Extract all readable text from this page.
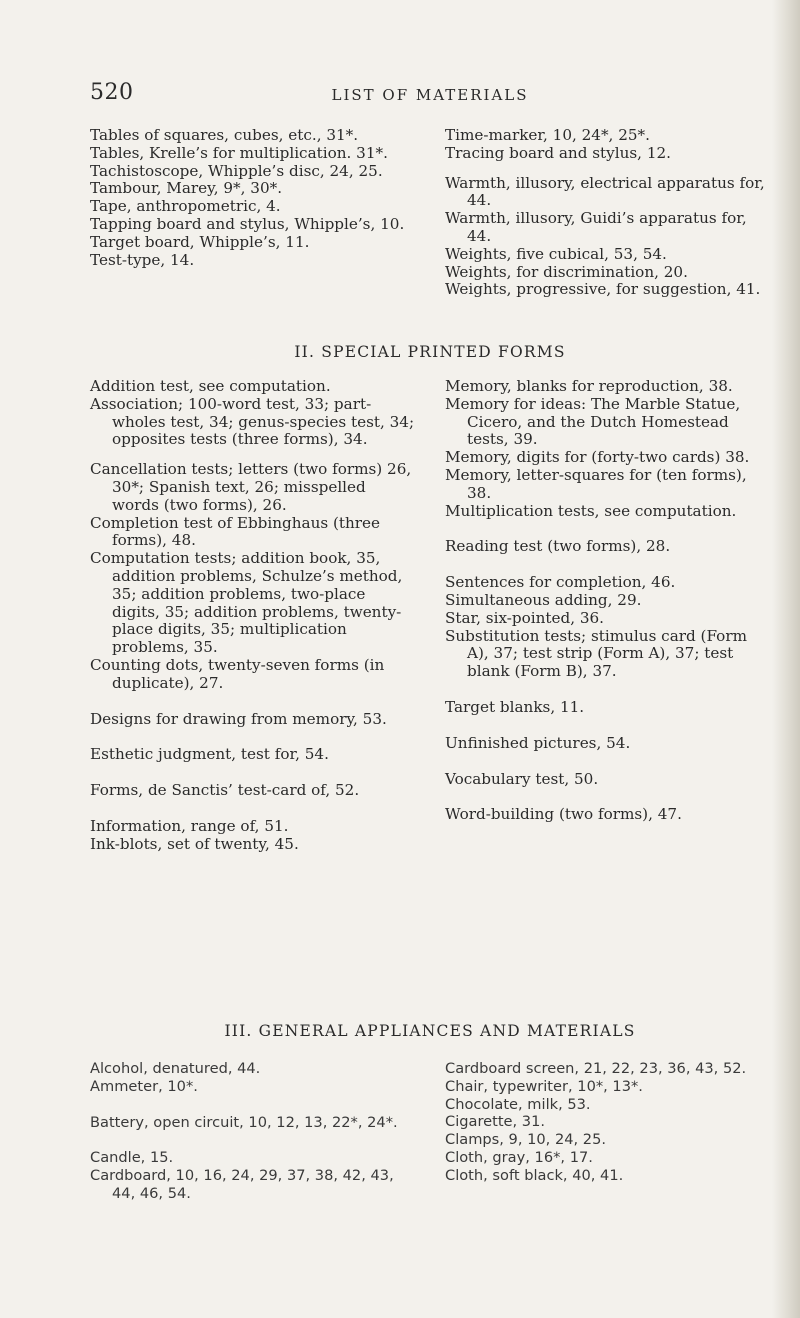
520	LIST OF MATERIALS
Tables of squares, cubes, etc., 31*.
Tables, Krelle’s for multiplication. 31*.
Tachistoscope, Whipple’s disc, 24, 25.
Tambour, Marey, 9*, 30*.
Tape, anthropometric, 4.
Tapping board and stylus, Whipple’s, 10.
Target board, Whipple’s, 11.
Test-type, 14.
Time-marker, 10, 24*, 25*.
Tracing board and stylus, 12.
Warmth, illusory, electrical apparatus for, 44.
Warmth, illusory, Guidi’s apparatus for, 44.
Weights, five cubical, 53, 54.
Weights, for discrimination, 20.
Weights, progressive, for suggestion, 41.
II. SPECIAL PRINTED FORMS
Addition test, see computation.
Association; 100-word test, 33; part-wholes test, 34; genus-species test, 34; opposites tests (three forms), 34.
Cancellation tests; letters (two forms) 26, 30*; Spanish text, 26; misspelled words (two forms), 26.
Completion test of Ebbinghaus (three forms), 48.
Computation tests; addition book, 35, addition problems, Schulze’s method, 35; addition problems, two-place digits, 35; addition problems, twenty-place digits, 35; multiplication problems, 35.
Counting dots, twenty-seven forms (in duplicate), 27.
Designs for drawing from memory, 53.
Esthetic judgment, test for, 54.
Forms, de Sanctis’ test-card of, 52.
Information, range of, 51.
Ink-blots, set of twenty, 45.
Memory, blanks for reproduction, 38.
Memory for ideas: The Marble Statue, Cicero, and the Dutch Homestead tests, 39.
Memory, digits for (forty-two cards) 38.
Memory, letter-squares for (ten forms), 38.
Multiplication tests, see computation.
Reading test (two forms), 28.
Sentences for completion, 46.
Simultaneous adding, 29.
Star, six-pointed, 36.
Substitution tests; stimulus card (Form A), 37; test strip (Form A), 37; test blank (Form B), 37.
Target blanks, 11.
Unfinished pictures, 54.
Vocabulary test, 50.
Word-building (two forms), 47.
III. GENERAL APPLIANCES AND MATERIALS
Alcohol, denatured, 44.
Ammeter, 10*.
Battery, open circuit, 10, 12, 13, 22*, 24*.
Candle, 15.
Cardboard, 10, 16, 24, 29, 37, 38, 42, 43, 44, 46, 54.
Cardboard screen, 21, 22, 23, 36, 43, 52.
Chair, typewriter, 10*, 13*.
Chocolate, milk, 53.
Cigarette, 31.
Clamps, 9, 10, 24, 25.
Cloth, gray, 16*, 17.
Cloth, soft black, 40, 41.
